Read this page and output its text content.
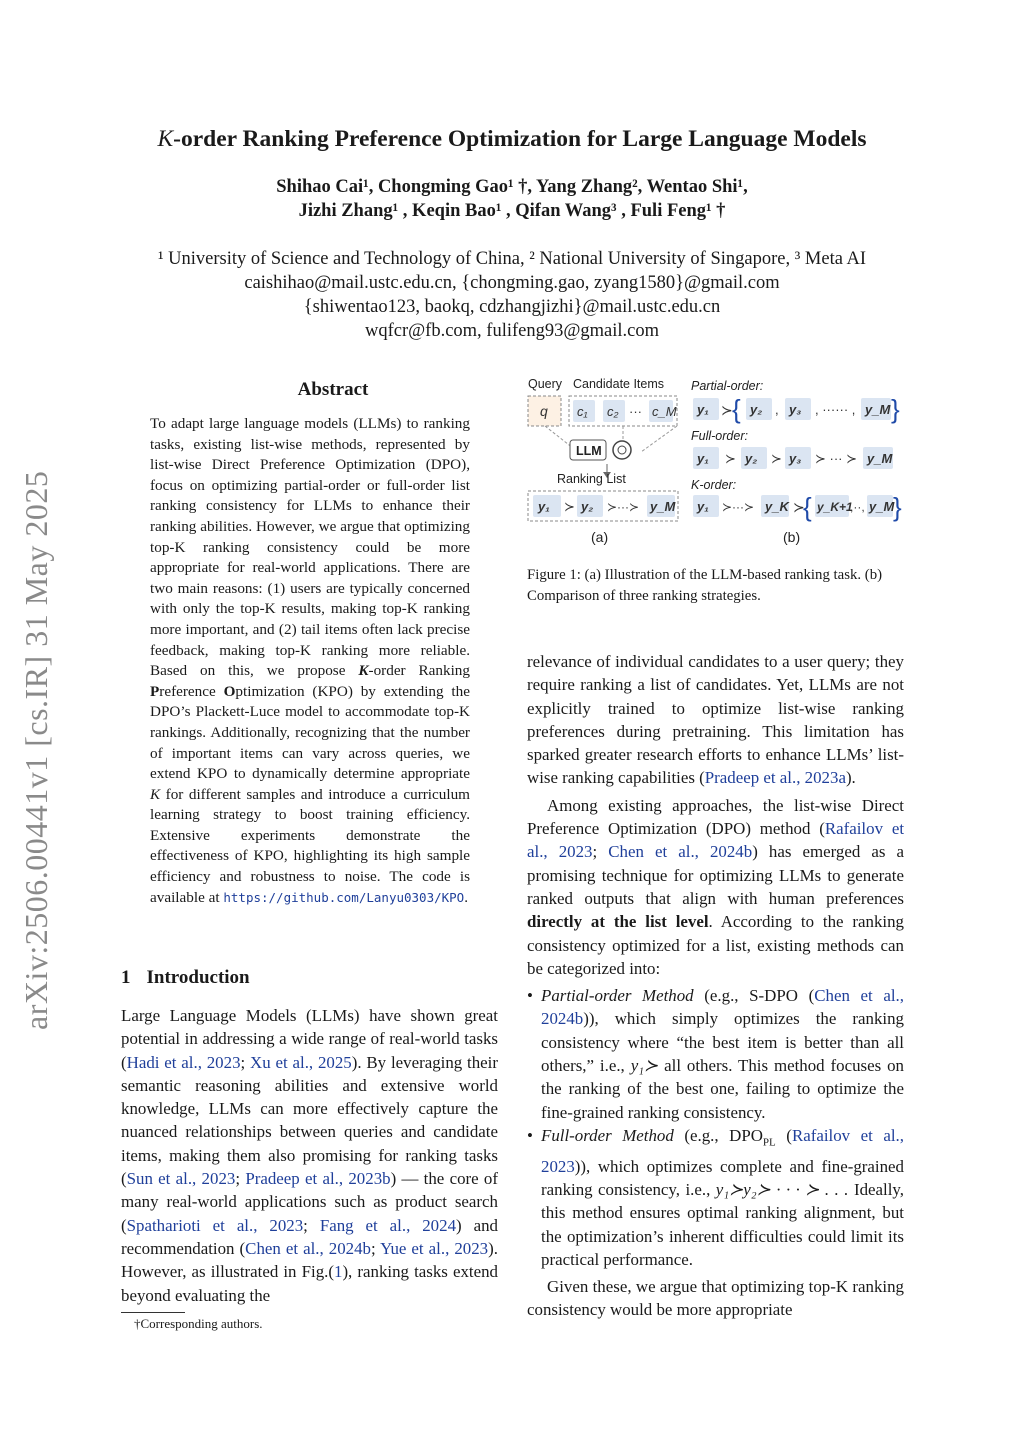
arXiv:2506.00441v1 [cs.IR] 31 May 2025
K-order Ranking Preference Optimization for Large Language Models
Shihao Cai¹, Chongming Gao¹ †, Yang Zhang², Wentao Shi¹,
Jizhi Zhang¹ , Keqin Bao¹ , Qifan Wang³ , Fuli Feng¹ †
¹ University of Science and Technology of China, ² National University of Singapore, ³ Meta AI
caishihao@mail.ustc.edu.cn, {chongming.gao, zyang1580}@gmail.com
{shiwentao123, baokq, cdzhangjizhi}@mail.ustc.edu.cn
wqfcr@fb.com, fulifeng93@gmail.com
Abstract
To adapt large language models (LLMs) to ranking tasks, existing list-wise methods, represented by list-wise Direct Preference Optimization (DPO), focus on optimizing partial-order or full-order list ranking consistency for LLMs to enhance their ranking abilities. However, we argue that optimizing top-K ranking consistency could be more appropriate for real-world applications. There are two main reasons: (1) users are typically concerned with only the top-K results, making top-K ranking more important, and (2) tail items often lack precise feedback, making top-K ranking more reliable. Based on this, we propose K-order Ranking Preference Optimization (KPO) by extending the DPO’s Plackett-Luce model to accommodate top-K rankings. Additionally, recognizing that the number of important items can vary across queries, we extend KPO to dynamically determine appropriate K for different samples and introduce a curriculum learning strategy to boost training efficiency. Extensive experiments demonstrate the effectiveness of KPO, highlighting its high sample efficiency and robustness to noise. The code is available at https://github.com/Lanyu0303/KPO.
1 Introduction
Large Language Models (LLMs) have shown great potential in addressing a wide range of real-world tasks (Hadi et al., 2023; Xu et al., 2025). By leveraging their semantic reasoning abilities and extensive world knowledge, LLMs can more effectively capture the nuanced relationships between queries and candidate items, making them also promising for ranking tasks (Sun et al., 2023; Pradeep et al., 2023b) — the core of many real-world applications such as product search (Spatharioti et al., 2023; Fang et al., 2024) and recommendation (Chen et al., 2024b; Yue et al., 2023). However, as illustrated in Fig.(1), ranking tasks extend beyond evaluating the
†Corresponding authors.
Query Candidate Items
q c₁ c₂ ··· c_M
LLM
Ranking List
y₁ ≻ y₂ ≻···≻ y_M
(a)
Partial-order:
y₁ ≻ { y₂ , y₃ , ······ , y_M }
Full-order:
y₁ ≻ y₂ ≻ y₃ ≻ ··· ≻ y_M
K-order:
y₁ ≻···≻ y_K ≻
{ y_K+1
,··, y_M
}
(b)
Figure 1: (a) Illustration of the LLM-based ranking task. (b) Comparison of three ranking strategies.

relevance of individual candidates to a user query; they require ranking a list of candidates. Yet, LLMs are not explicitly trained to optimize list-wise ranking preferences during pretraining. This limitation has sparked greater research efforts to enhance LLMs’ list-wise ranking capabilities (Pradeep et al., 2023a).

Among existing approaches, the list-wise Direct Preference Optimization (DPO) method (Rafailov et al., 2023; Chen et al., 2024b) has emerged as a promising technique for optimizing LLMs to generate ranked outputs that align with human preferences directly at the list level. According to the ranking consistency optimized for a list, existing methods can be categorized into:

• Partial-order Method (e.g., S-DPO (Chen et al., 2024b)), which simply optimizes the ranking consistency where “the best item is better than all others,” i.e., y₁≻ all others. This method focuses on the ranking of the best one, failing to optimize the fine-grained ranking consistency.
• Full-order Method (e.g., $DPO_{PL}$ (Rafailov et al., 2023)), which optimizes complete and fine-grained ranking consistency, i.e., y₁≻y₂≻ · · · ≻ . . . Ideally, this method ensures optimal ranking alignment, but the optimization’s inherent difficulties could limit its practical performance.

Given these, we argue that optimizing top-K ranking consistency would be more appropriate
